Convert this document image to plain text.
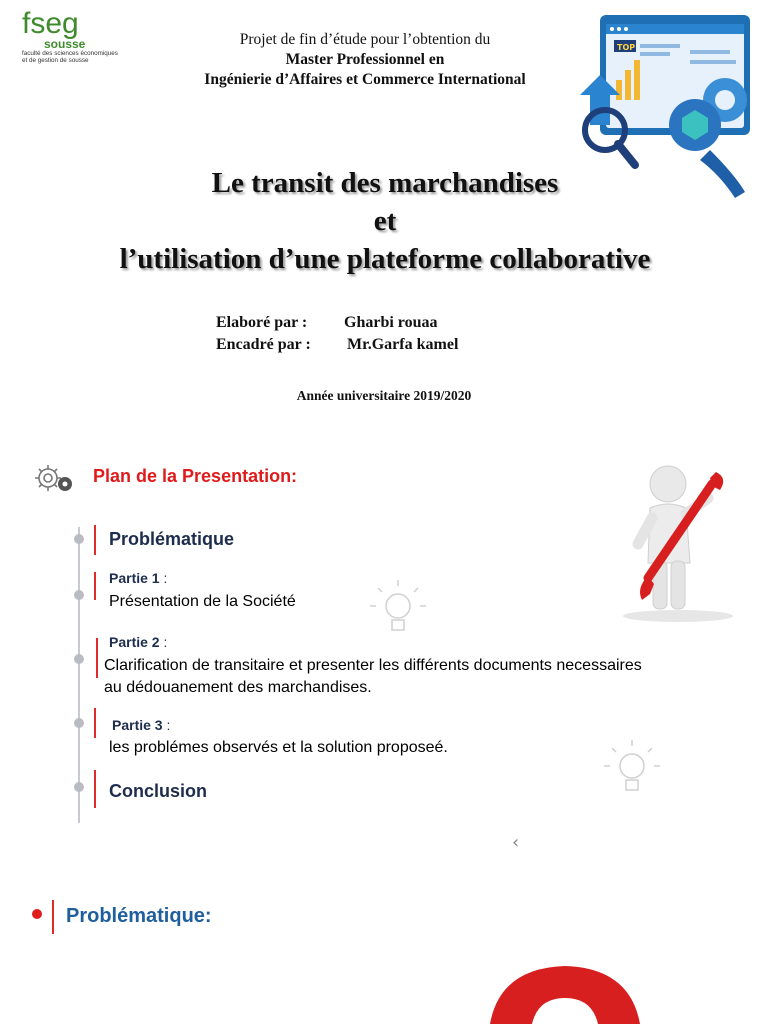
fseg
sousse
faculté des sciences économiques
et de gestion de sousse
Projet de fin d’étude pour l’obtention du
Master Professionnel en
Ingénierie d’Affaires et Commerce International
TOP
Le transit des marchandises
et
l’utilisation d’une plateforme collaborative
Elaboré par : Gharbi rouaa
Encadré par : Mr.Garfa kamel
Année universitaire 2019/2020
Plan de la Presentation:
Problématique
Partie 1 :
Présentation de la Société
Partie 2 :
Clarification de transitaire et presenter les différents documents necessaires
au dédouanement des marchandises.
Partie 3 :
les problémes observés et la solution proposeé.
Conclusion
‹
Problématique:
